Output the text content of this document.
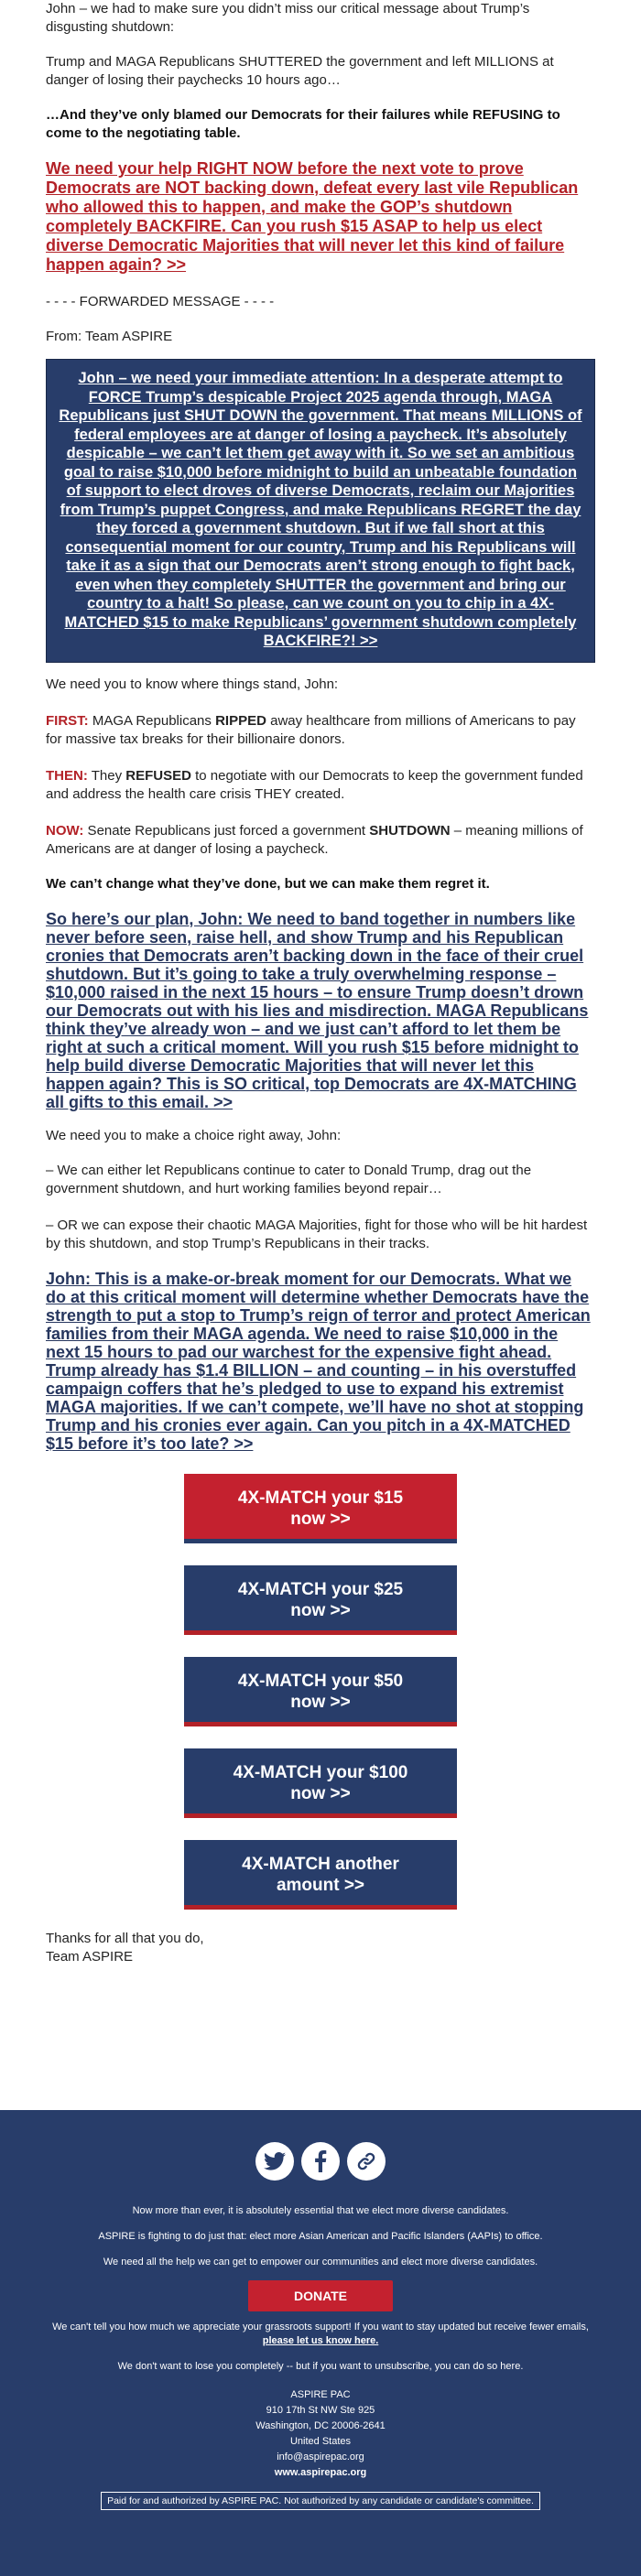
John – we had to make sure you didn’t miss our critical message about Trump’s disgusting shutdown:

Trump and MAGA Republicans SHUTTERED the government and left MILLIONS at danger of losing their paychecks 10 hours ago…

…And they’ve only blamed our Democrats for their failures while REFUSING to come to the negotiating table.

We need your help RIGHT NOW before the next vote to prove Democrats are NOT backing down, defeat every last vile Republican who allowed this to happen, and make the GOP’s shutdown completely BACKFIRE. Can you rush $15 ASAP to help us elect diverse Democratic Majorities that will never let this kind of failure happen again? >>

- - - - FORWARDED MESSAGE - - - -

From: Team ASPIRE

John – we need your immediate attention: In a desperate attempt to FORCE Trump’s despicable Project 2025 agenda through, MAGA Republicans just SHUT DOWN the government. That means MILLIONS of federal employees are at danger of losing a paycheck. It’s absolutely despicable – we can’t let them get away with it. So we set an ambitious goal to raise $10,000 before midnight to build an unbeatable foundation of support to elect droves of diverse Democrats, reclaim our Majorities from Trump’s puppet Congress, and make Republicans REGRET the day they forced a government shutdown. But if we fall short at this consequential moment for our country, Trump and his Republicans will take it as a sign that our Democrats aren’t strong enough to fight back, even when they completely SHUTTER the government and bring our country to a halt! So please, can we count on you to chip in a 4X-MATCHED $15 to make Republicans’ government shutdown completely BACKFIRE?! >>

We need you to know where things stand, John:

FIRST: MAGA Republicans RIPPED away healthcare from millions of Americans to pay for massive tax breaks for their billionaire donors.

THEN: They REFUSED to negotiate with our Democrats to keep the government funded and address the health care crisis THEY created.

NOW: Senate Republicans just forced a government SHUTDOWN – meaning millions of Americans are at danger of losing a paycheck.

We can’t change what they’ve done, but we can make them regret it.

So here’s our plan, John: We need to band together in numbers like never before seen, raise hell, and show Trump and his Republican cronies that Democrats aren’t backing down in the face of their cruel shutdown. But it’s going to take a truly overwhelming response – $10,000 raised in the next 15 hours – to ensure Trump doesn’t drown our Democrats out with his lies and misdirection. MAGA Republicans think they’ve already won – and we just can’t afford to let them be right at such a critical moment. Will you rush $15 before midnight to help build diverse Democratic Majorities that will never let this happen again? This is SO critical, top Democrats are 4X-MATCHING all gifts to this email. >>

We need you to make a choice right away, John:

– We can either let Republicans continue to cater to Donald Trump, drag out the government shutdown, and hurt working families beyond repair…

– OR we can expose their chaotic MAGA Majorities, fight for those who will be hit hardest by this shutdown, and stop Trump’s Republicans in their tracks.

John: This is a make-or-break moment for our Democrats. What we do at this critical moment will determine whether Democrats have the strength to put a stop to Trump’s reign of terror and protect American families from their MAGA agenda. We need to raise $10,000 in the next 15 hours to pad our warchest for the expensive fight ahead. Trump already has $1.4 BILLION – and counting – in his overstuffed campaign coffers that he’s pledged to use to expand his extremist MAGA majorities. If we can’t compete, we’ll have no shot at stopping Trump and his cronies ever again. Can you pitch in a 4X-MATCHED $15 before it’s too late? >>

4X-MATCH your $15
now >>
4X-MATCH your $25
now >>
4X-MATCH your $50
now >>
4X-MATCH your $100
now >>
4X-MATCH another
amount >>

Thanks for all that you do,

Team ASPIRE

Now more than ever, it is absolutely essential that we elect more diverse candidates.

ASPIRE is fighting to do just that: elect more Asian American and Pacific Islanders (AAPIs) to office.

We need all the help we can get to empower our communities and elect more diverse candidates.

DONATE

We can't tell you how much we appreciate your grassroots support! If you want to stay updated but receive fewer emails,
please let us know here.

We don't want to lose you completely -- but if you want to unsubscribe, you can do so here.

ASPIRE PAC

910 17th St NW Ste 925

Washington, DC 20006-2641

United States

info@aspirepac.org

www.aspirepac.org

Paid for and authorized by ASPIRE PAC. Not authorized by any candidate or candidate's committee.
